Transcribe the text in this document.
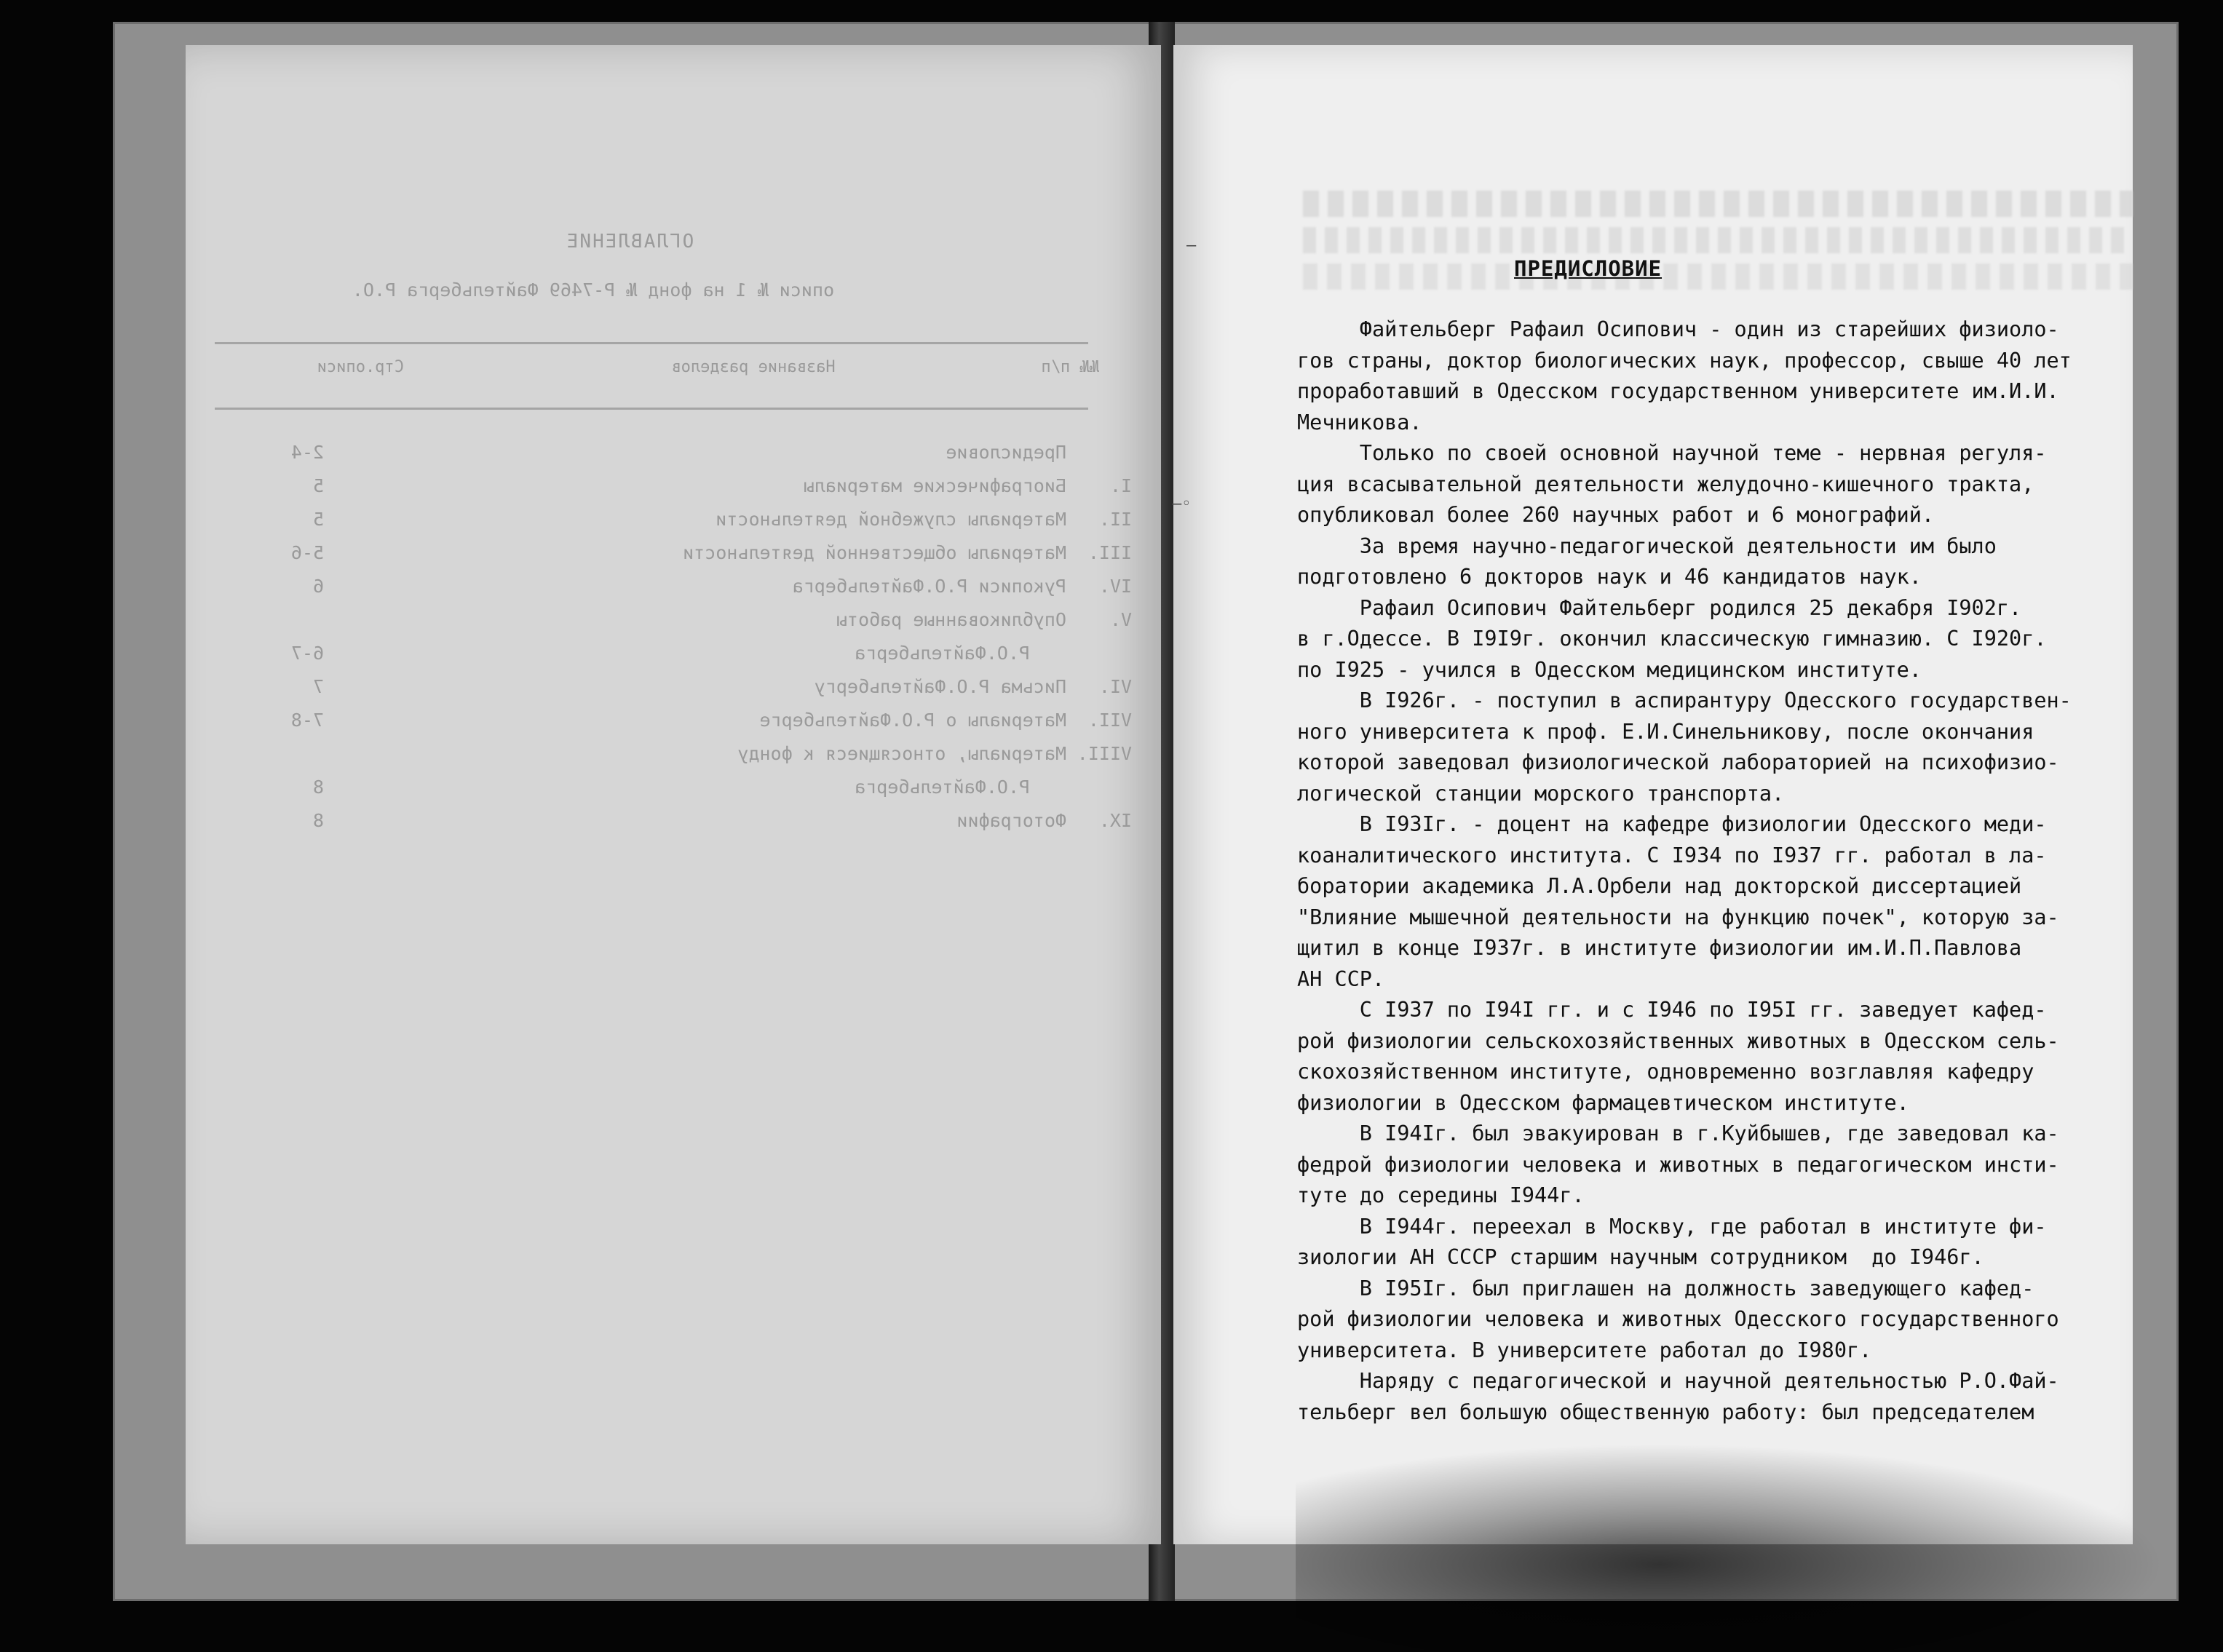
ОГЛАВЛЕНИЕ
описи № 1 на фонд № Р-7469 Файтельберга Р.О.
№№ п/п
Название разделов
Стр.описи
Предисловие
2-4
I.
Биографические материалы
5
II.
Материалы служебной деятельности
5
III.
Материалы общественной деятельности
5-6
IV.
Рукописи Р.О.Файтельберга
6
V.
Опубликованные работы
Р.О.Файтельберга
6-7
VI.
Письма Р.О.Файтельбергу
7
VII.
Материалы о Р.О.Файтельберге
7-8
VIII.
Материалы, относящиеся к фонду
Р.О.Файтельберга
8
IX.
Фотографии
8
—
—◦
ПРЕДИСЛОВИЕ
Файтельберг Рафаил Осипович - один из старейших физиоло-
гов страны, доктор биологических наук, профессор, свыше 40 лет
проработавший в Одесском государственном университете им.И.И.
Мечникова.
Только по своей основной научной теме - нервная регуля-
ция всасывательной деятельности желудочно-кишечного тракта,
опубликовал более 260 научных работ и 6 монографий.
За время научно-педагогической деятельности им было
подготовлено 6 докторов наук и 46 кандидатов наук.
Рафаил Осипович Файтельберг родился 25 декабря I902г.
в г.Одессе. В I9I9г. окончил классическую гимназию. С I920г.
по I925 - учился в Одесском медицинском институте.
В I926г. - поступил в аспирантуру Одесского государствен-
ного университета к проф. Е.И.Синельникову, после окончания
которой заведовал физиологической лабораторией на психофизио-
логической станции морского транспорта.
В I93Iг. - доцент на кафедре физиологии Одесского меди-
коаналитического института. С I934 по I937 гг. работал в ла-
боратории академика Л.А.Орбели над докторской диссертацией
"Влияние мышечной деятельности на функцию почек", которую за-
щитил в конце I937г. в институте физиологии им.И.П.Павлова
АН ССР.
С I937 по I94I гг. и с I946 по I95I гг. заведует кафед-
рой физиологии сельскохозяйственных животных в Одесском сель-
скохозяйственном институте, одновременно возглавляя кафедру
физиологии в Одесском фармацевтическом институте.
В I94Iг. был эвакуирован в г.Куйбышев, где заведовал ка-
федрой физиологии человека и животных в педагогическом инсти-
туте до середины I944г.
В I944г. переехал в Москву, где работал в институте фи-
зиологии АН СССР старшим научным сотрудником  до I946г.
В I95Iг. был приглашен на должность заведующего кафед-
рой физиологии человека и животных Одесского государственного
университета. В университете работал до I980г.
Наряду с педагогической и научной деятельностью Р.О.Фай-
тельберг вел большую общественную работу: был председателем
